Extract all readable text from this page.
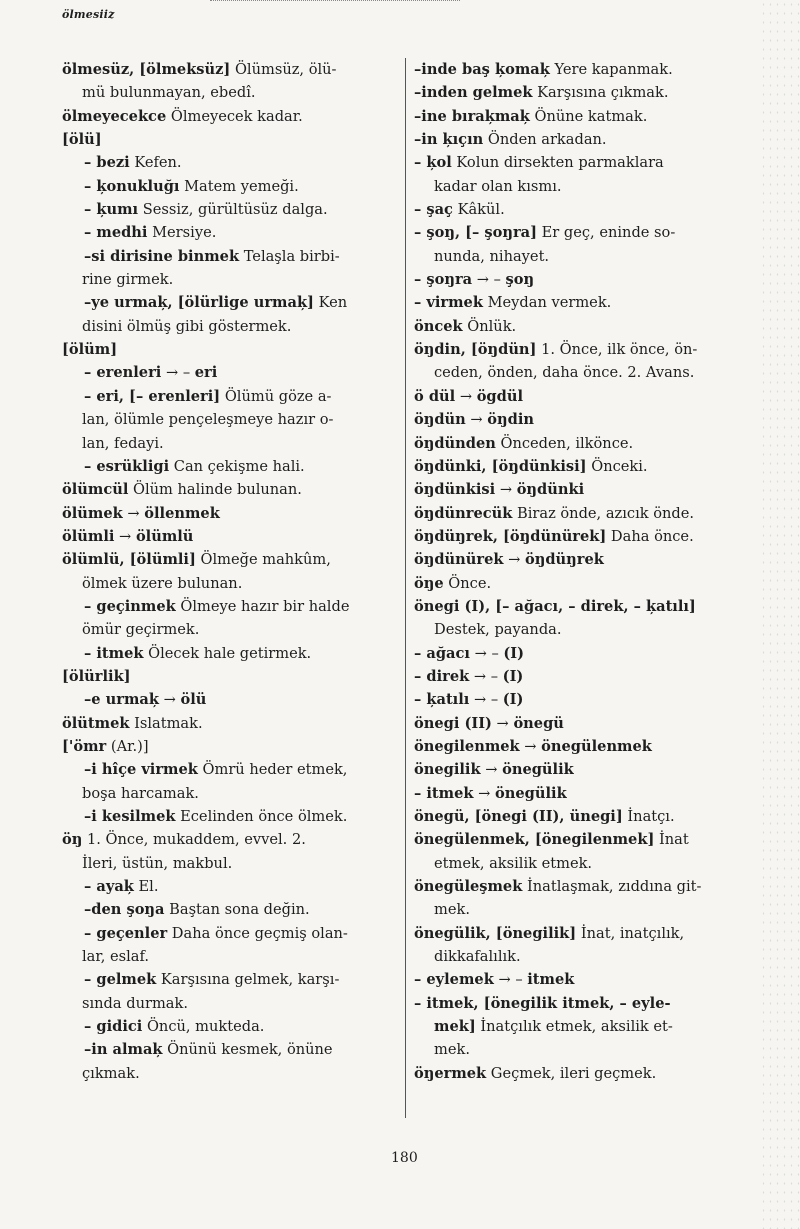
ölmesiiz
ölmesüz, [ölmeksüz] Ölümsüz, ölü-
mü bulunmayan, ebedî.
ölmeyecekce Ölmeyecek kadar.
[ölü]
– bezi Kefen.
– ķonukluğı Matem yemeği.
– ķumı Sessiz, gürültüsüz dalga.
– medhi Mersiye.
–si dirisine binmek Telaşla birbi-
rine girmek.
–ye urmaķ, [ölürlige urmaķ] Ken
disini ölmüş gibi göstermek.
[ölüm]
– erenleri → – eri
– eri, [– erenleri] Ölümü göze a-
lan, ölümle pençeleşmeye hazır o-
lan, fedayi.
– esrükligi Can çekişme hali.
ölümcül Ölüm halinde bulunan.
ölümek → öllenmek
ölümli → ölümlü
ölümlü, [ölümli] Ölmeğe mahkûm,
ölmek üzere bulunan.
– geçinmek Ölmeye hazır bir halde
ömür geçirmek.
– itmek Ölecek hale getirmek.
[ölürlik]
–e urmaķ → ölü
ölütmek Islatmak.
['ömr (Ar.)]
–i hîçe virmek Ömrü heder etmek,
boşa harcamak.
–i kesilmek Ecelinden önce ölmek.
öŋ 1. Önce, mukaddem, evvel. 2.
İleri, üstün, makbul.
– ayaķ El.
–den şoŋa Baştan sona değin.
– geçenler Daha önce geçmiş olan-
lar, eslaf.
– gelmek Karşısına gelmek, karşı-
sında durmak.
– gidici Öncü, mukteda.
–in almaķ Önünü kesmek, önüne
çıkmak.
–inde baş ķomaķ Yere kapanmak.
–inden gelmek Karşısına çıkmak.
–ine bıraķmaķ Önüne katmak.
–in ķıçın Önden arkadan.
– ķol Kolun dirsekten parmaklara
kadar olan kısmı.
– şaç Kâkül.
– şoŋ, [– şoŋra] Er geç, eninde so-
nunda, nihayet.
– şoŋra → – şoŋ
– virmek Meydan vermek.
öncek Önlük.
öŋdin, [öŋdün] 1. Önce, ilk önce, ön-
ceden, önden, daha önce. 2. Avans.
ö dül → ögdül
öŋdün → öŋdin
öŋdünden Önceden, ilkönce.
öŋdünki, [öŋdünkisi] Önceki.
öŋdünkisi → öŋdünki
öŋdünrecük Biraz önde, azıcık önde.
öŋdüŋrek, [öŋdünürek] Daha önce.
öŋdünürek → öŋdüŋrek
öŋe Önce.
önegi (I), [– ağacı, – direk, – ķatılı]
Destek, payanda.
– ağacı → – (I)
– direk → – (I)
– ķatılı → – (I)
önegi (II) → önegü
önegilenmek → önegülenmek
önegilik → önegülik
– itmek → önegülik
önegü, [önegi (II), ünegi] İnatçı.
önegülenmek, [önegilenmek] İnat
etmek, aksilik etmek.
önegüleşmek İnatlaşmak, zıddına git-
mek.
önegülik, [önegilik] İnat, inatçılık,
dikkafalılık.
– eylemek → – itmek
– itmek, [önegilik itmek, – eyle-
mek] İnatçılık etmek, aksilik et-
mek.
öŋermek Geçmek, ileri geçmek.
180
